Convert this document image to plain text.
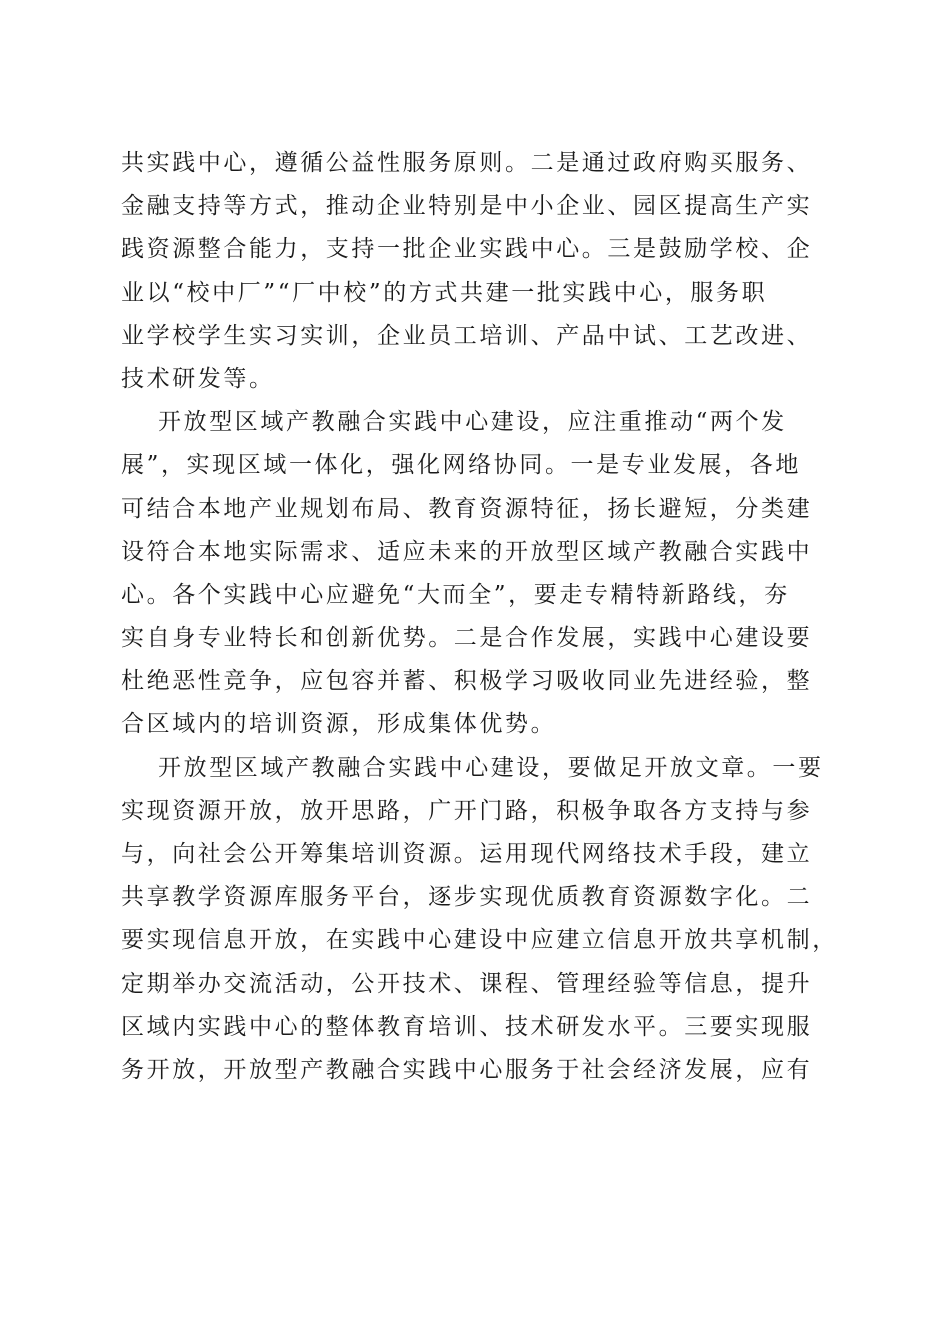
共实践中心，遵循公益性服务原则。二是通过政府购买服务、
金融支持等方式，推动企业特别是中小企业、园区提高生产实
践资源整合能力，支持一批企业实践中心。三是鼓励学校、企
业以“校中厂”“厂中校”的方式共建一批实践中心，服务职
业学校学生实习实训，企业员工培训、产品中试、工艺改进、
技术研发等。

开放型区域产教融合实践中心建设，应注重推动“两个发
展”，实现区域一体化，强化网络协同。一是专业发展，各地
可结合本地产业规划布局、教育资源特征，扬长避短，分类建
设符合本地实际需求、适应未来的开放型区域产教融合实践中
心。各个实践中心应避免“大而全”，要走专精特新路线，夯
实自身专业特长和创新优势。二是合作发展，实践中心建设要
杜绝恶性竞争，应包容并蓄、积极学习吸收同业先进经验，整
合区域内的培训资源，形成集体优势。

开放型区域产教融合实践中心建设，要做足开放文章。一要
实现资源开放，放开思路，广开门路，积极争取各方支持与参
与，向社会公开筹集培训资源。运用现代网络技术手段，建立
共享教学资源库服务平台，逐步实现优质教育资源数字化。二
要实现信息开放，在实践中心建设中应建立信息开放共享机制，
定期举办交流活动，公开技术、课程、管理经验等信息，提升
区域内实践中心的整体教育培训、技术研发水平。三要实现服
务开放，开放型产教融合实践中心服务于社会经济发展，应有
